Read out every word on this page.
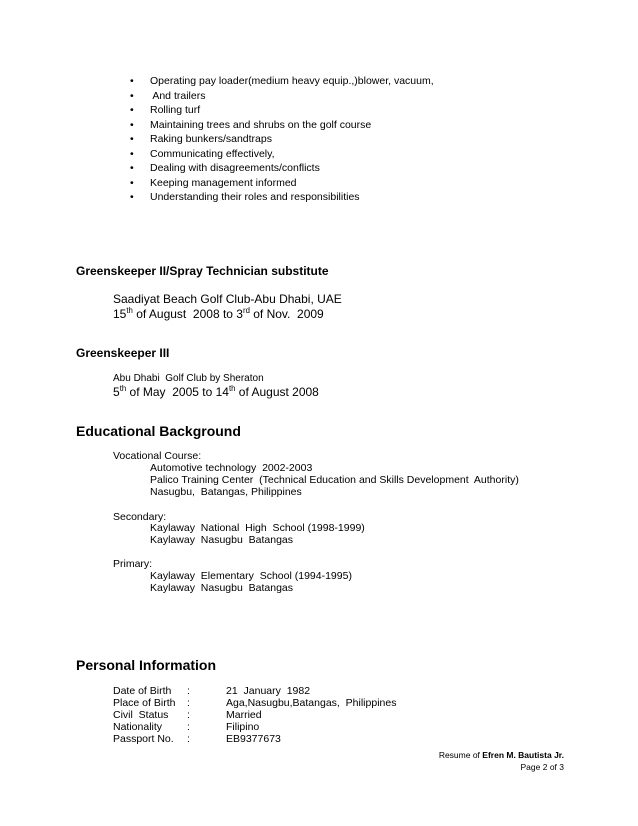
• Operating pay loader(medium heavy equip.,)blower, vacuum,
• And trailers
• Rolling turf
• Maintaining trees and shrubs on the golf course
• Raking bunkers/sandtraps
• Communicating effectively,
• Dealing with disagreements/conflicts
• Keeping management informed
• Understanding their roles and responsibilities
Greenskeeper II/Spray Technician substitute
Saadiyat Beach Golf Club-Abu Dhabi, UAE
15th of August  2008 to 3rd of Nov.  2009
Greenskeeper III
Abu Dhabi  Golf Club by Sheraton
5th of May  2005 to 14th of August 2008
Educational Background
Vocational Course:
Automotive technology  2002-2003
Palico Training Center  (Technical Education and Skills Development  Authority)
Nasugbu,  Batangas, Philippines
Secondary:
Kaylaway  National  High  School (1998-1999)
Kaylaway  Nasugbu  Batangas
Primary:
Kaylaway  Elementary  School (1994-1995)
Kaylaway  Nasugbu  Batangas
Personal Information
Date of Birth :	21  January  1982
Place of Birth :	Aga,Nasugbu,Batangas,  Philippines
Civil  Status :	Married
Nationality :	Filipino
Passport No. :	EB9377673
Resume of Efren M. Bautista Jr.
Page 2 of 3
